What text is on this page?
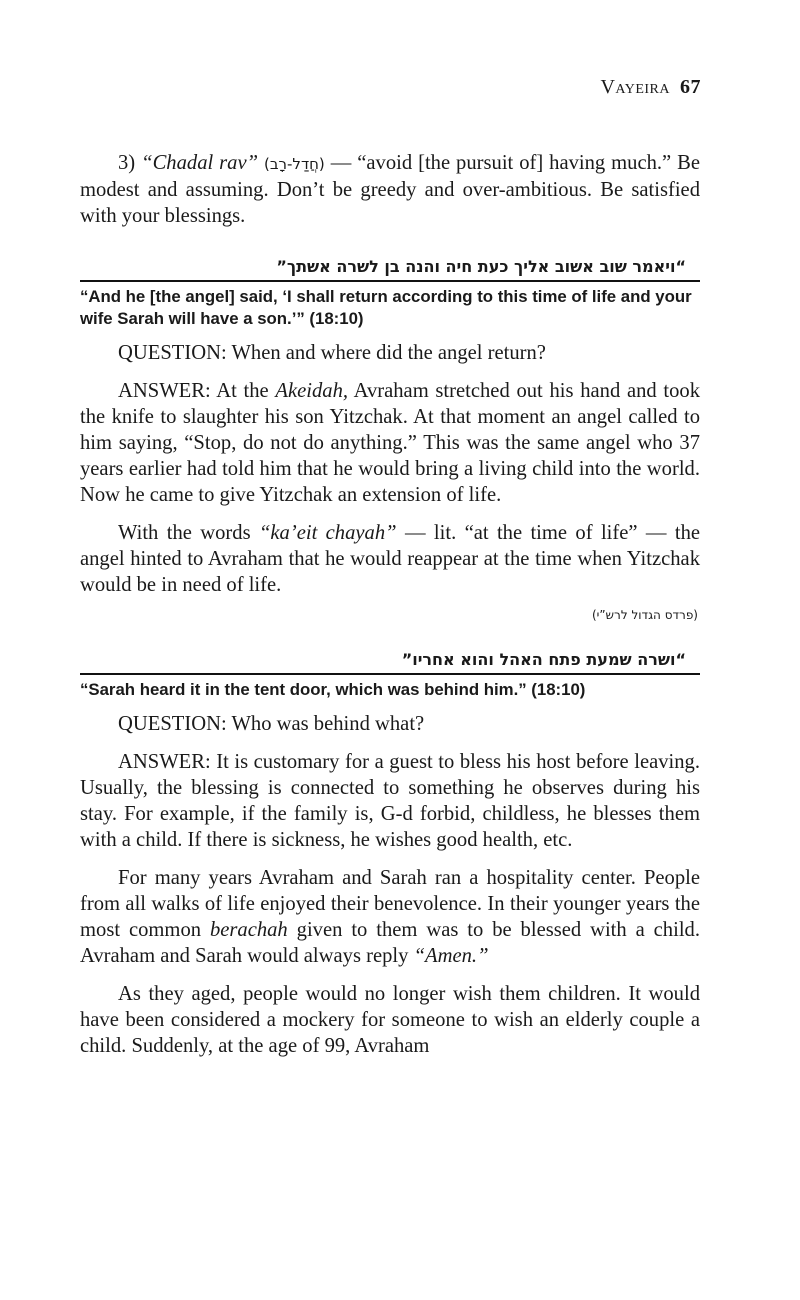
Vayeira 67

3) “Chadal rav” (חֲדַל-רָב) — “avoid [the pursuit of] having much.” Be modest and assuming. Don’t be greedy and over-ambitious. Be satisfied with your blessings.

“ויאמר שוב אשוב אליך כעת חיה והנה בן לשרה אשתך”
“And he [the angel] said, ‘I shall return according to this time of life and your wife Sarah will have a son.’” (18:10)

QUESTION: When and where did the angel return?

ANSWER: At the Akeidah, Avraham stretched out his hand and took the knife to slaughter his son Yitzchak. At that moment an angel called to him saying, “Stop, do not do anything.” This was the same angel who 37 years earlier had told him that he would bring a living child into the world. Now he came to give Yitzchak an extension of life.

With the words “ka’eit chayah” — lit. “at the time of life” — the angel hinted to Avraham that he would reappear at the time when Yitzchak would be in need of life.

(פרדס הגדול לרש”י)
“ושרה שמעת פתח האהל והוא אחריו”
“Sarah heard it in the tent door, which was behind him.” (18:10)

QUESTION: Who was behind what?

ANSWER: It is customary for a guest to bless his host before leaving. Usually, the blessing is connected to something he observes during his stay. For example, if the family is, G-d forbid, childless, he blesses them with a child. If there is sickness, he wishes good health, etc.

For many years Avraham and Sarah ran a hospitality center. People from all walks of life enjoyed their benevolence. In their younger years the most common berachah given to them was to be blessed with a child. Avraham and Sarah would always reply “Amen.”

As they aged, people would no longer wish them children. It would have been considered a mockery for someone to wish an elderly couple a child. Suddenly, at the age of 99, Avraham
